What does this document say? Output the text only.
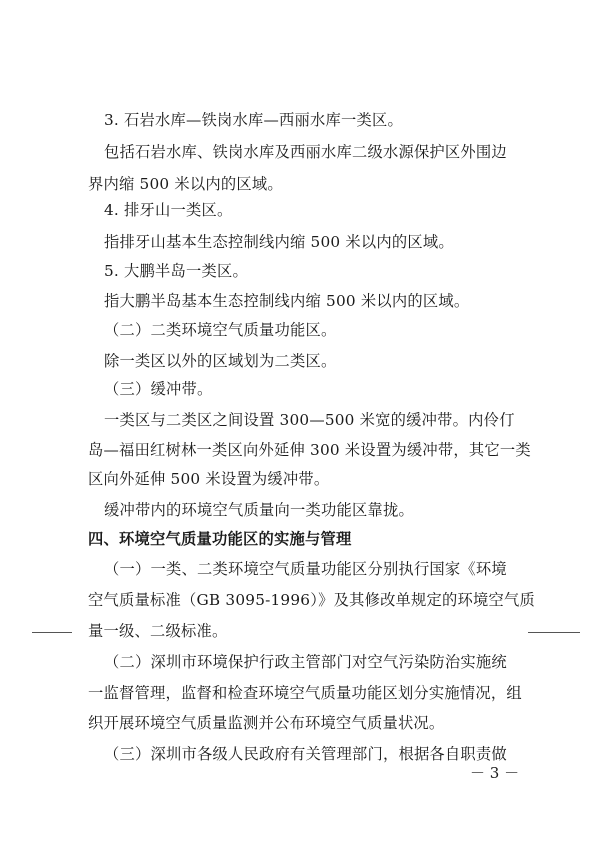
3. 石岩水库—铁岗水库—西丽水库一类区。
包括石岩水库、铁岗水库及西丽水库二级水源保护区外围边
界内缩 500 米以内的区域。
4. 排牙山一类区。
指排牙山基本生态控制线内缩 500 米以内的区域。
5. 大鹏半岛一类区。
指大鹏半岛基本生态控制线内缩 500 米以内的区域。
（二）二类环境空气质量功能区。
除一类区以外的区域划为二类区。
（三）缓冲带。
一类区与二类区之间设置 300—500 米宽的缓冲带。内伶仃
岛—福田红树林一类区向外延伸 300 米设置为缓冲带，其它一类
区向外延伸 500 米设置为缓冲带。
缓冲带内的环境空气质量向一类功能区靠拢。
四、环境空气质量功能区的实施与管理
（一）一类、二类环境空气质量功能区分别执行国家《环境
空气质量标准（GB 3095-1996）》及其修改单规定的环境空气质
量一级、二级标准。
（二）深圳市环境保护行政主管部门对空气污染防治实施统
一监督管理，监督和检查环境空气质量功能区划分实施情况，组
织开展环境空气质量监测并公布环境空气质量状况。
（三）深圳市各级人民政府有关管理部门，根据各自职责做
－ 3 －
